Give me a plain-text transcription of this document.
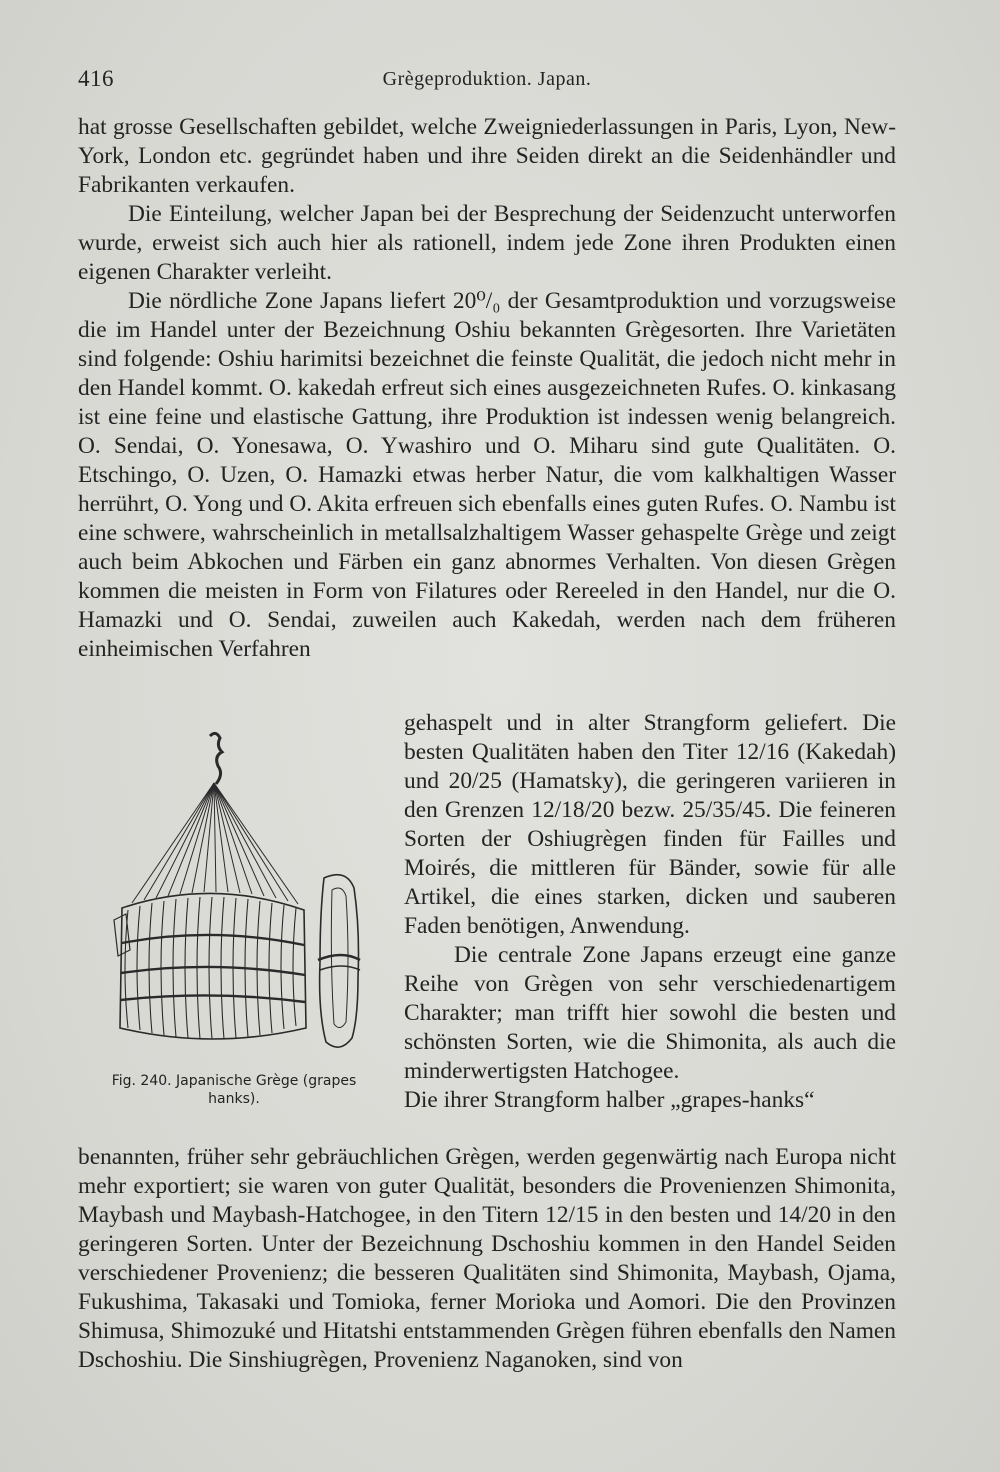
416	Grègeproduktion. Japan.

hat grosse Gesellschaften gebildet, welche Zweigniederlassungen in Paris, Lyon, New-York, London etc. gegründet haben und ihre Seiden direkt an die Seidenhändler und Fabrikanten verkaufen.

Die Einteilung, welcher Japan bei der Besprechung der Seidenzucht unterworfen wurde, erweist sich auch hier als rationell, indem jede Zone ihren Produkten einen eigenen Charakter verleiht.

Die nördliche Zone Japans liefert 20⁰/₀ der Gesamtproduktion und vorzugsweise die im Handel unter der Bezeichnung Oshiu bekannten Grègesorten. Ihre Varietäten sind folgende: Oshiu harimitsi bezeichnet die feinste Qualität, die jedoch nicht mehr in den Handel kommt. O. kakedah erfreut sich eines ausgezeichneten Rufes. O. kinkasang ist eine feine und elastische Gattung, ihre Produktion ist indessen wenig belangreich. O. Sendai, O. Yonesawa, O. Ywashiro und O. Miharu sind gute Qualitäten. O. Etschingo, O. Uzen, O. Hamazki etwas herber Natur, die vom kalkhaltigen Wasser herrührt, O. Yong und O. Akita erfreuen sich ebenfalls eines guten Rufes. O. Nambu ist eine schwere, wahrscheinlich in metallsalzhaltigem Wasser gehaspelte Grège und zeigt auch beim Abkochen und Färben ein ganz abnormes Verhalten. Von diesen Grègen kommen die meisten in Form von Filatures oder Rereeled in den Handel, nur die O. Hamazki und O. Sendai, zuweilen auch Kakedah, werden nach dem früheren einheimischen Verfahren

Fig. 240. Japanische Grège (grapes
hanks).

gehaspelt und in alter Strangform geliefert. Die besten Qualitäten haben den Titer 12/16 (Kakedah) und 20/25 (Hamatsky), die geringeren variieren in den Grenzen 12/18/20 bezw. 25/35/45. Die feineren Sorten der Oshiugrègen finden für Failles und Moirés, die mittleren für Bänder, sowie für alle Artikel, die eines starken, dicken und sauberen Faden benötigen, Anwendung.

Die centrale Zone Japans erzeugt eine ganze Reihe von Grègen von sehr verschiedenartigem Charakter; man trifft hier sowohl die besten und schönsten Sorten, wie die Shimonita, als auch die minderwertigsten Hatchogee.

Die ihrer Strangform halber „grapes-hanks“

benannten, früher sehr gebräuchlichen Grègen, werden gegenwärtig nach Europa nicht mehr exportiert; sie waren von guter Qualität, besonders die Provenienzen Shimonita, Maybash und Maybash-Hatchogee, in den Titern 12/15 in den besten und 14/20 in den geringeren Sorten. Unter der Bezeichnung Dschoshiu kommen in den Handel Seiden verschiedener Provenienz; die besseren Qualitäten sind Shimonita, Maybash, Ojama, Fukushima, Takasaki und Tomioka, ferner Morioka und Aomori. Die den Provinzen Shimusa, Shimozuké und Hitatshi entstammenden Grègen führen ebenfalls den Namen Dschoshiu. Die Sinshiugrègen, Provenienz Naganoken, sind von
